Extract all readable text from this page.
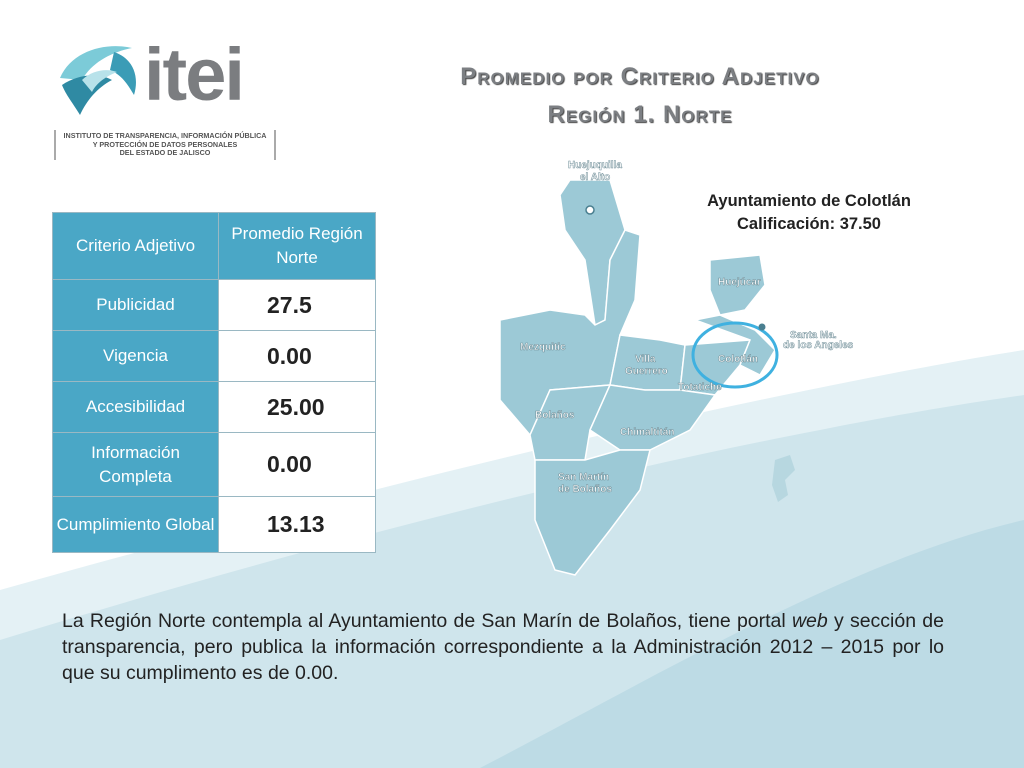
itei
INSTITUTO DE TRANSPARENCIA, INFORMACIÓN PÚBLICA
Y PROTECCIÓN DE DATOS PERSONALES
DEL ESTADO DE JALISCO
Promedio por Criterio Adjetivo
Región 1. Norte
Ayuntamiento de Colotlán
Calificación: 37.50
Criterio Adjetivo	Promedio Región Norte
Publicidad	27.5
Vigencia	0.00
Accesibilidad	25.00
Información Completa	0.00
Cumplimiento Global	13.13
Huejuquilla
el Alto
Huejúcar
Santa Ma.
de los Angeles
Mezquitic
Villa
Guerrero
Colotlán
Totatiche
Bolaños
Chimaltitán
San Martín
de Bolaños
La Región Norte contempla al Ayuntamiento de San Marín de Bolaños, tiene portal web y sección de transparencia, pero publica la información correspondiente a la Administración 2012 – 2015 por lo que su cumplimento es de 0.00.
